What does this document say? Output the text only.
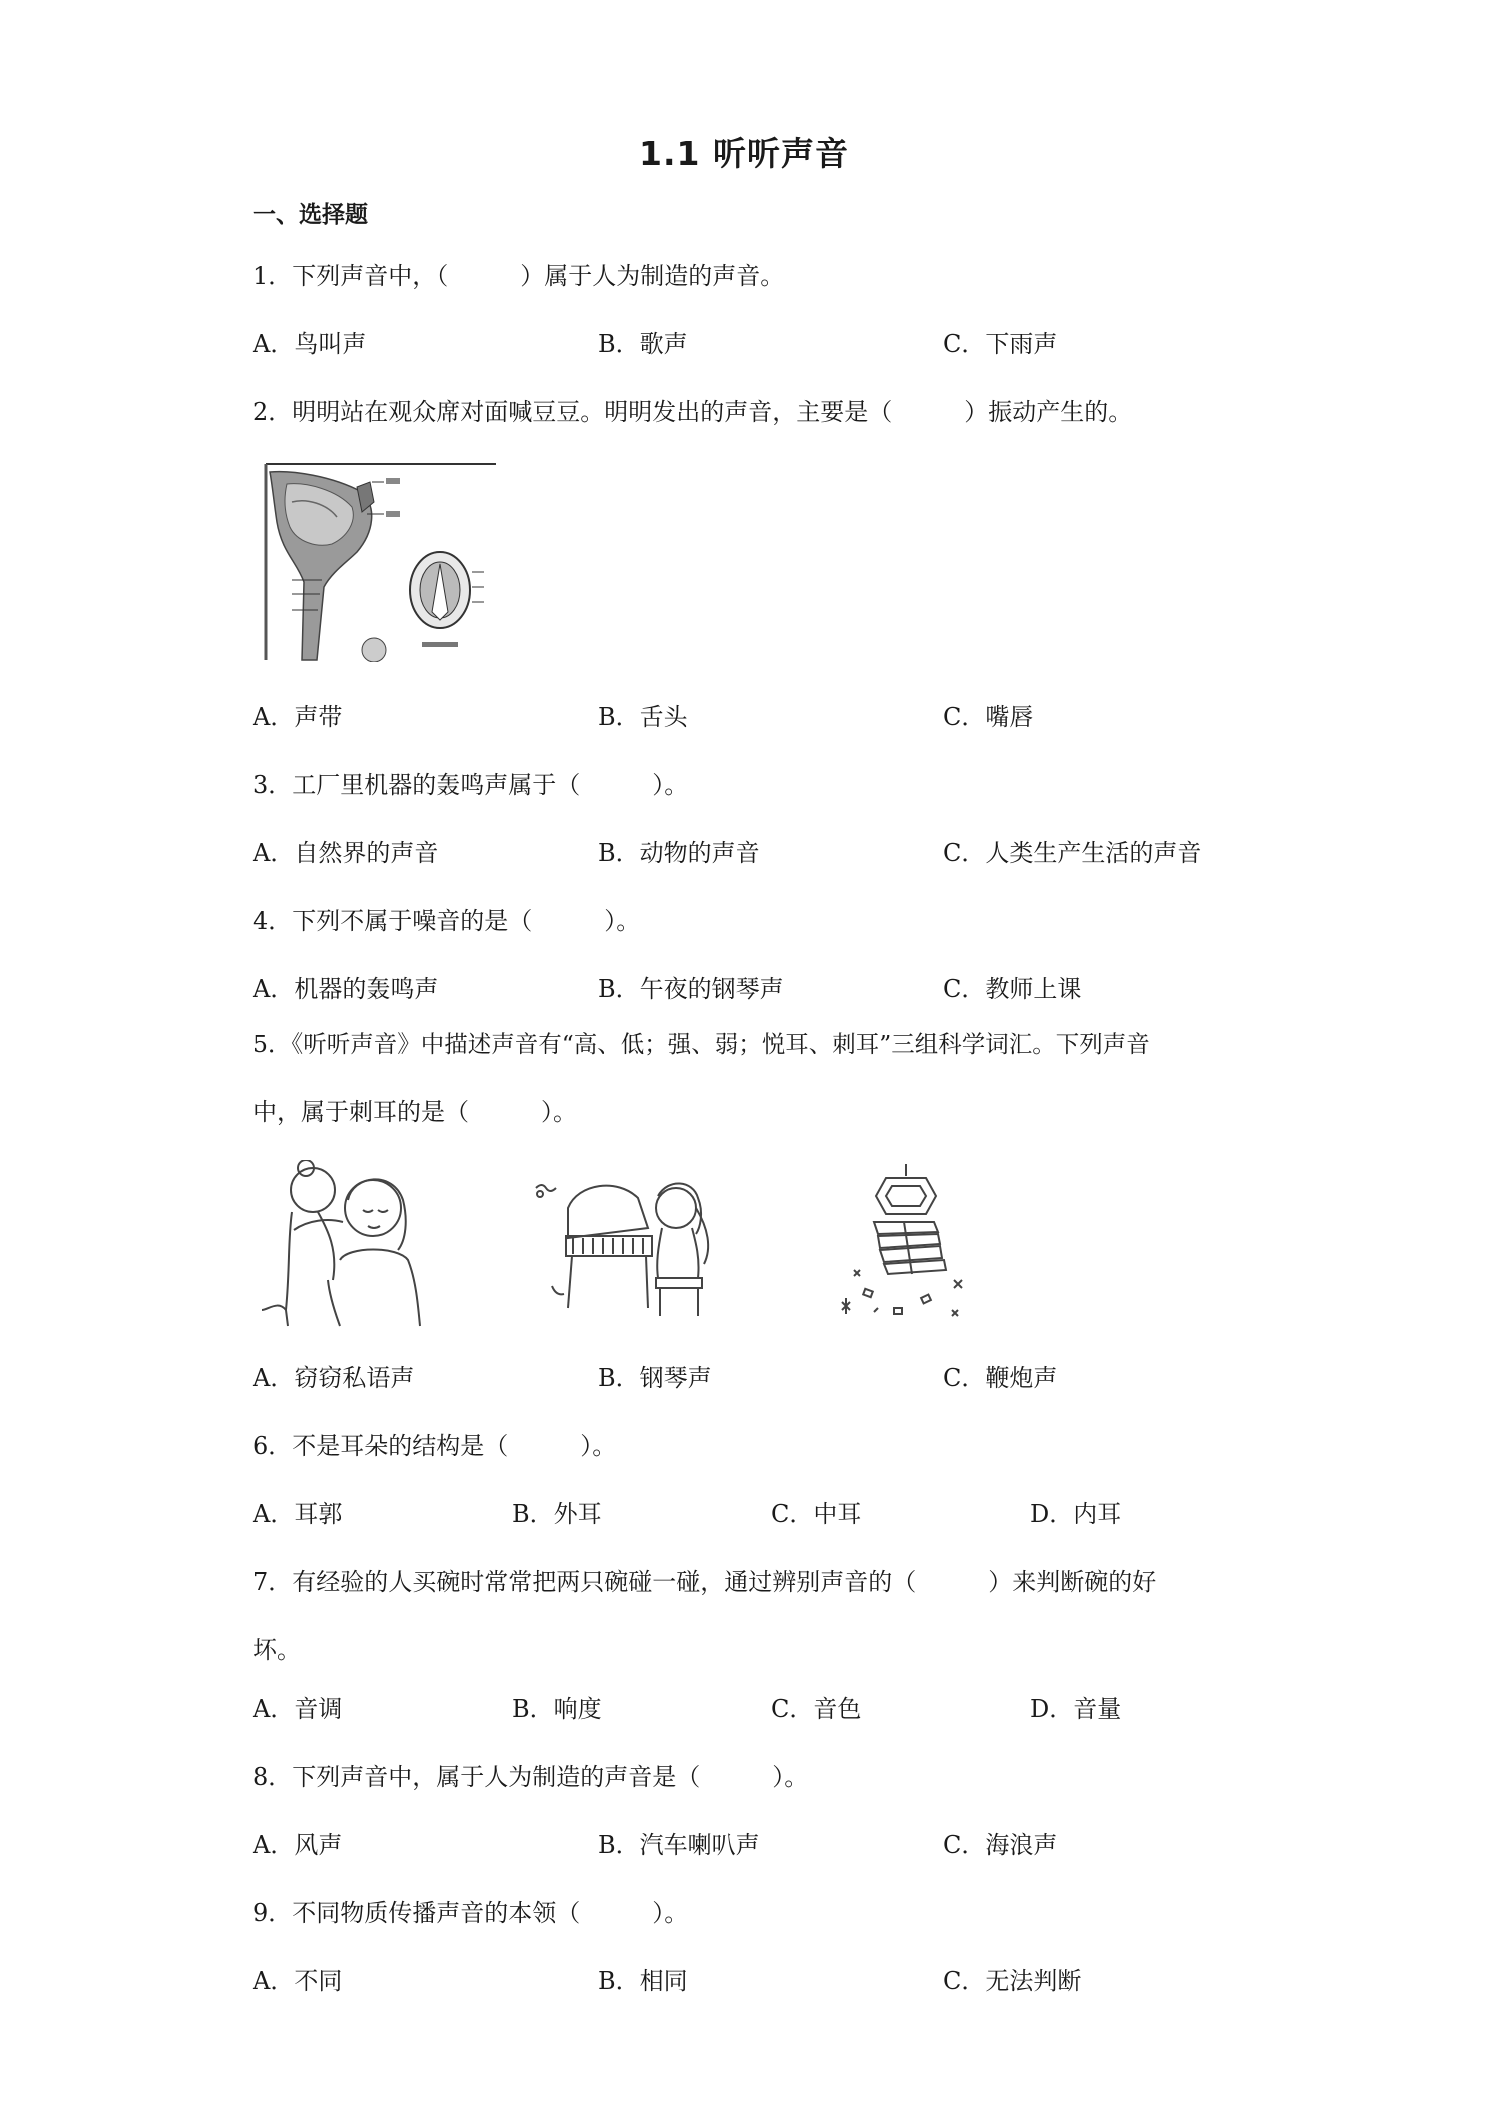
1.1 听听声音
一、选择题
1．下列声音中，（　　　）属于人为制造的声音。
A．鸟叫声	B．歌声	C．下雨声
2．明明站在观众席对面喊豆豆。明明发出的声音，主要是（　　　）振动产生的。
A．声带	B．舌头	C．嘴唇
3．工厂里机器的轰鸣声属于（　　　）。
A．自然界的声音	B．动物的声音	C．人类生产生活的声音
4．下列不属于噪音的是（　　　）。
A．机器的轰鸣声	B．午夜的钢琴声	C．教师上课
5．《听听声音》中描述声音有“高、低；强、弱；悦耳、刺耳”三组科学词汇。下列声音
中，属于刺耳的是（　　　）。
A．窃窃私语声	B．钢琴声	C．鞭炮声
6．不是耳朵的结构是（　　　）。
A．耳郭	B．外耳	C．中耳	D．内耳
7．有经验的人买碗时常常把两只碗碰一碰，通过辨别声音的（　　　）来判断碗的好
坏。
A．音调	B．响度	C．音色	D．音量
8．下列声音中，属于人为制造的声音是（　　　）。
A．风声	B．汽车喇叭声	C．海浪声
9．不同物质传播声音的本领（　　　）。
A．不同	B．相同	C．无法判断
